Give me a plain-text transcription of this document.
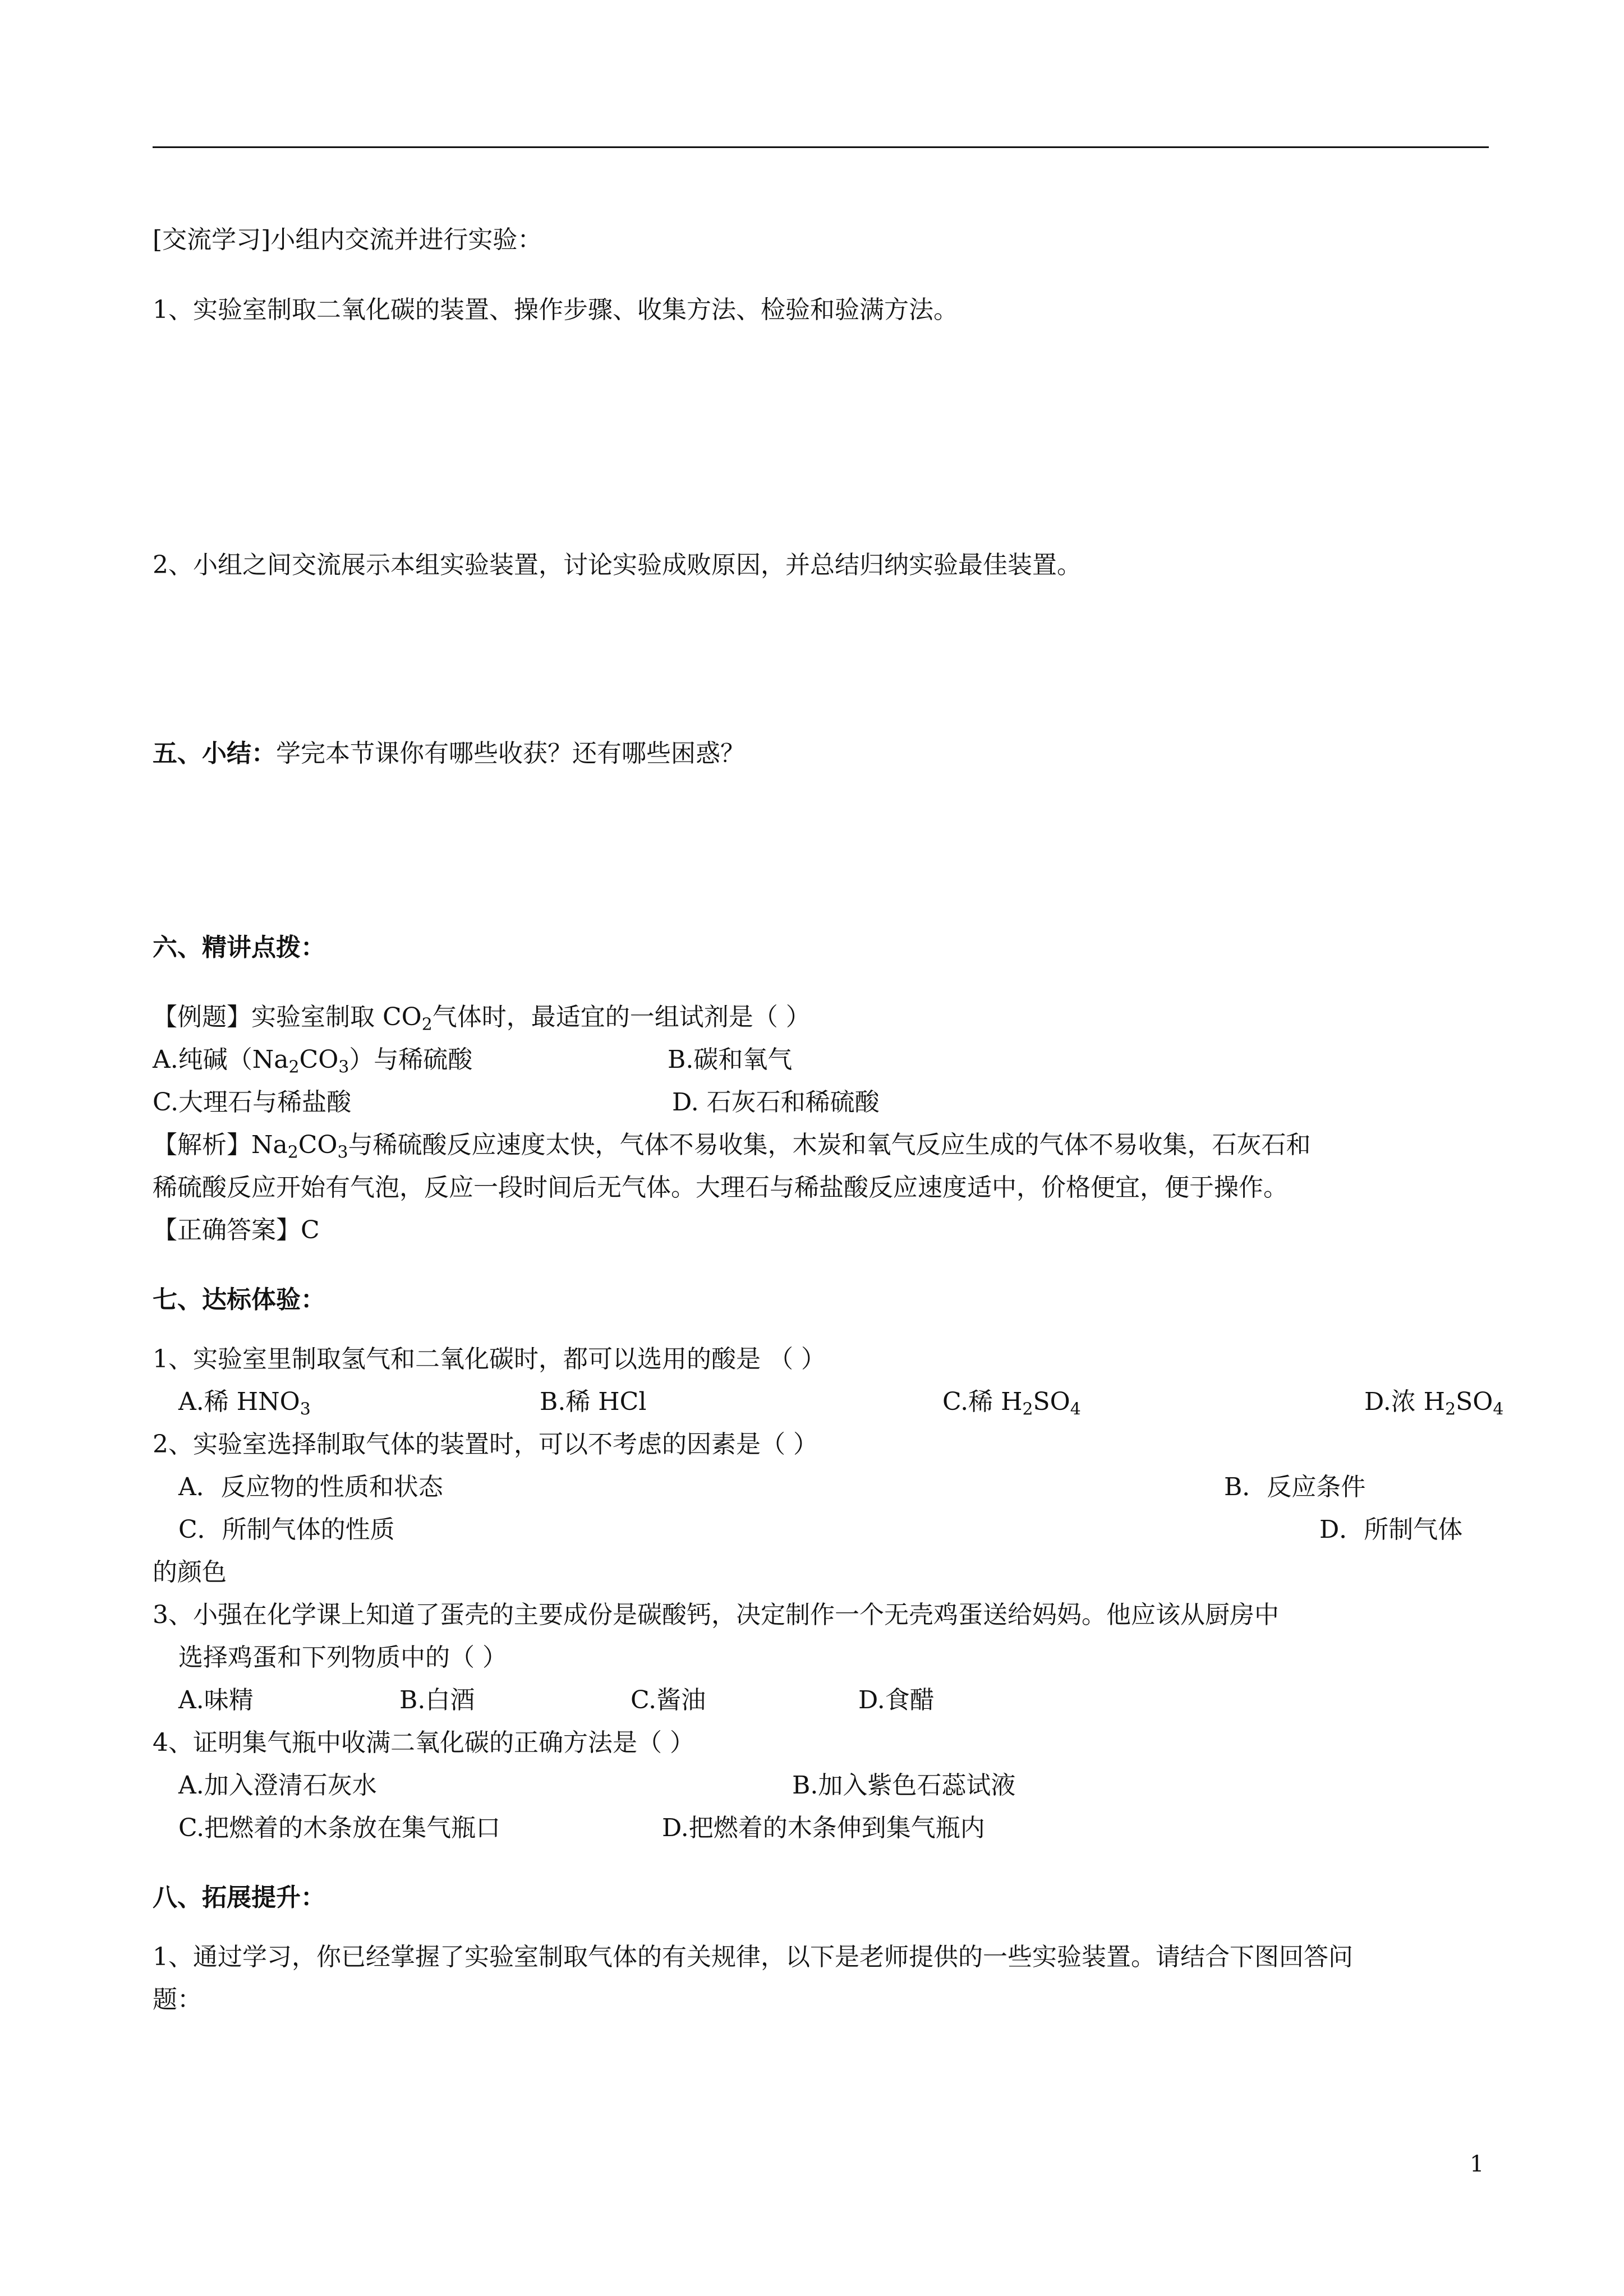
[交流学习]小组内交流并进行实验：
1、实验室制取二氧化碳的装置、操作步骤、收集方法、检验和验满方法。
2、小组之间交流展示本组实验装置，讨论实验成败原因，并总结归纳实验最佳装置。
五、小结：学完本节课你有哪些收获？还有哪些困惑？
六、精讲点拨：
【例题】实验室制取 $CO_2$气体时，最适宜的一组试剂是（ ）
A.纯碱$(Na_2CO_3)$与稀硫酸	B.碳和氧气
C.大理石与稀盐酸	D. 石灰石和稀硫酸
【解析】$Na_2CO_3$与稀硫酸反应速度太快，气体不易收集，木炭和氧气反应生成的气体不易收集，石灰石和
稀硫酸反应开始有气泡，反应一段时间后无气体。大理石与稀盐酸反应速度适中，价格便宜，便于操作。
【正确答案】C
七、达标体验：
1、实验室里制取氢气和二氧化碳时，都可以选用的酸是 （ ）
A.稀 $HNO_3$	B.稀 HCl	C.稀 $H_2SO_4$	D.浓 $H_2SO_4$
2、实验室选择制取气体的装置时，可以不考虑的因素是（ ）
A．反应物的性质和状态	B．反应条件
C．所制气体的性质	D．所制气体
的颜色
3、小强在化学课上知道了蛋壳的主要成份是碳酸钙，决定制作一个无壳鸡蛋送给妈妈。他应该从厨房中
选择鸡蛋和下列物质中的（ ）
A.味精	B.白酒	C.酱油	D.食醋
4、证明集气瓶中收满二氧化碳的正确方法是（ ）
A.加入澄清石灰水	B.加入紫色石蕊试液
C.把燃着的木条放在集气瓶口	D.把燃着的木条伸到集气瓶内
八、拓展提升：
1、通过学习，你已经掌握了实验室制取气体的有关规律，以下是老师提供的一些实验装置。请结合下图回答问
题：
1
